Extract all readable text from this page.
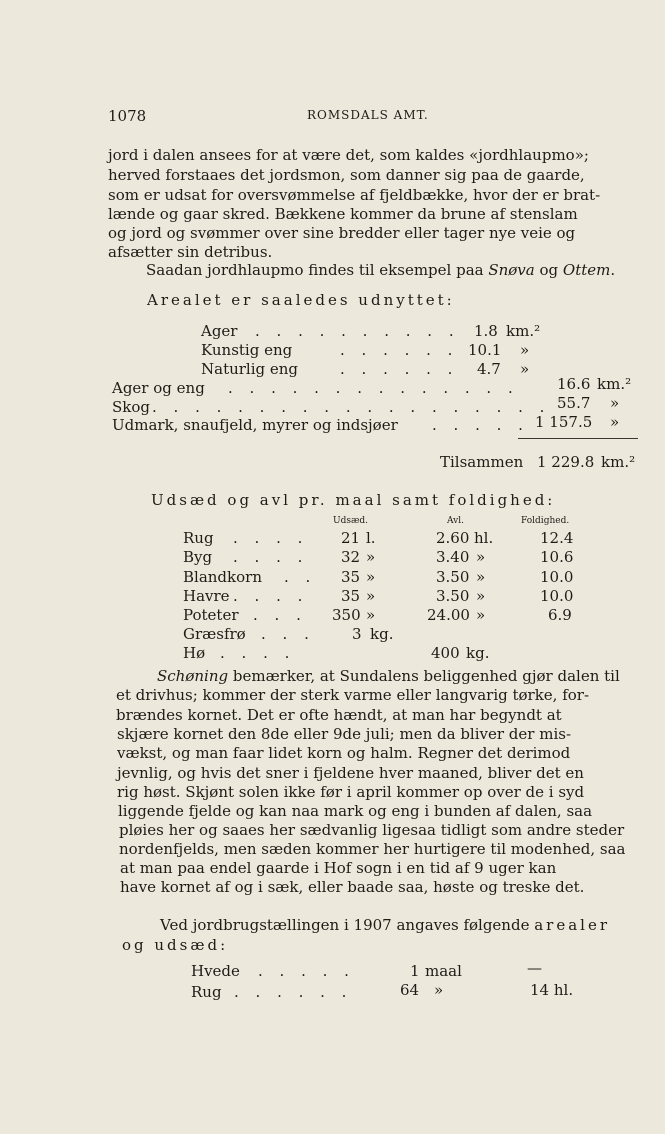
1078	ROMSDALS AMT.
jord i dalen ansees for at være det, som kaldes «jordhlaupmo»;
herved forstaaes det jordsmon, som danner sig paa de gaarde,
som er udsat for oversvømmelse af fjeldbække, hvor der er brat-
lænde og gaar skred. Bækkene kommer da brune af stenslam
og jord og svømmer over sine bredder eller tager nye veie og
afsætter sin detribus.
Saadan jordhlaupmo findes til eksempel paa Snøva og Ottem.
Arealet er saaledes udnyttet:
Ager . . . . . . . . . . 1.8 km.²
Kunstig eng	. . . . . . 10.1 »
Naturlig eng	. . . . . . 4.7 »
Ager og eng . . . . . . . . . . . . . .	16.6 km.²
Skog . . . . . . . . . . . . . . . . . . . 55.7 »
Udmark, snaufjeld, myrer og indsjøer . . . . . 1 157.5 »
Tilsammen 1 229.8 km.²
Udsæd og avl pr. maal samt foldighed:
Udsæd.	Avl.	Foldighed.
Rug . . . . 21 l.	2.60 hl.	12.4
Byg . . . . 32 »	3.40 »	10.6
Blandkorn . . 35 »	3.50 »	10.0
Havre . . . . 35 »	3.50 »	10.0
Poteter . . . 350 »	24.00 »	6.9
Græsfrø . . . 3 kg.
Hø . . . .	400 kg.
Schøning bemærker, at Sundalens beliggenhed gjør dalen til
et drivhus; kommer der sterk varme eller langvarig tørke, for-
brændes kornet. Det er ofte hændt, at man har begyndt at
skjære kornet den 8de eller 9de juli; men da bliver der mis-
vækst, og man faar lidet korn og halm. Regner det derimod
jevnlig, og hvis det sner i fjeldene hver maaned, bliver det en
rig høst. Skjønt solen ikke før i april kommer op over de i syd
liggende fjelde og kan naa mark og eng i bunden af dalen, saa
pløies her og saaes her sædvanlig ligesaa tidligt som andre steder
nordenfjelds, men sæden kommer her hurtigere til modenhed, saa
at man paa endel gaarde i Hof sogn i en tid af 9 uger kan
have kornet af og i sæk, eller baade saa, høste og treske det.
Ved jordbrugstællingen i 1907 angaves følgende arealer
og udsæd:
Hvede . . . . .	1 maal	—
Rug . . . . . .	64 »	14 hl.
